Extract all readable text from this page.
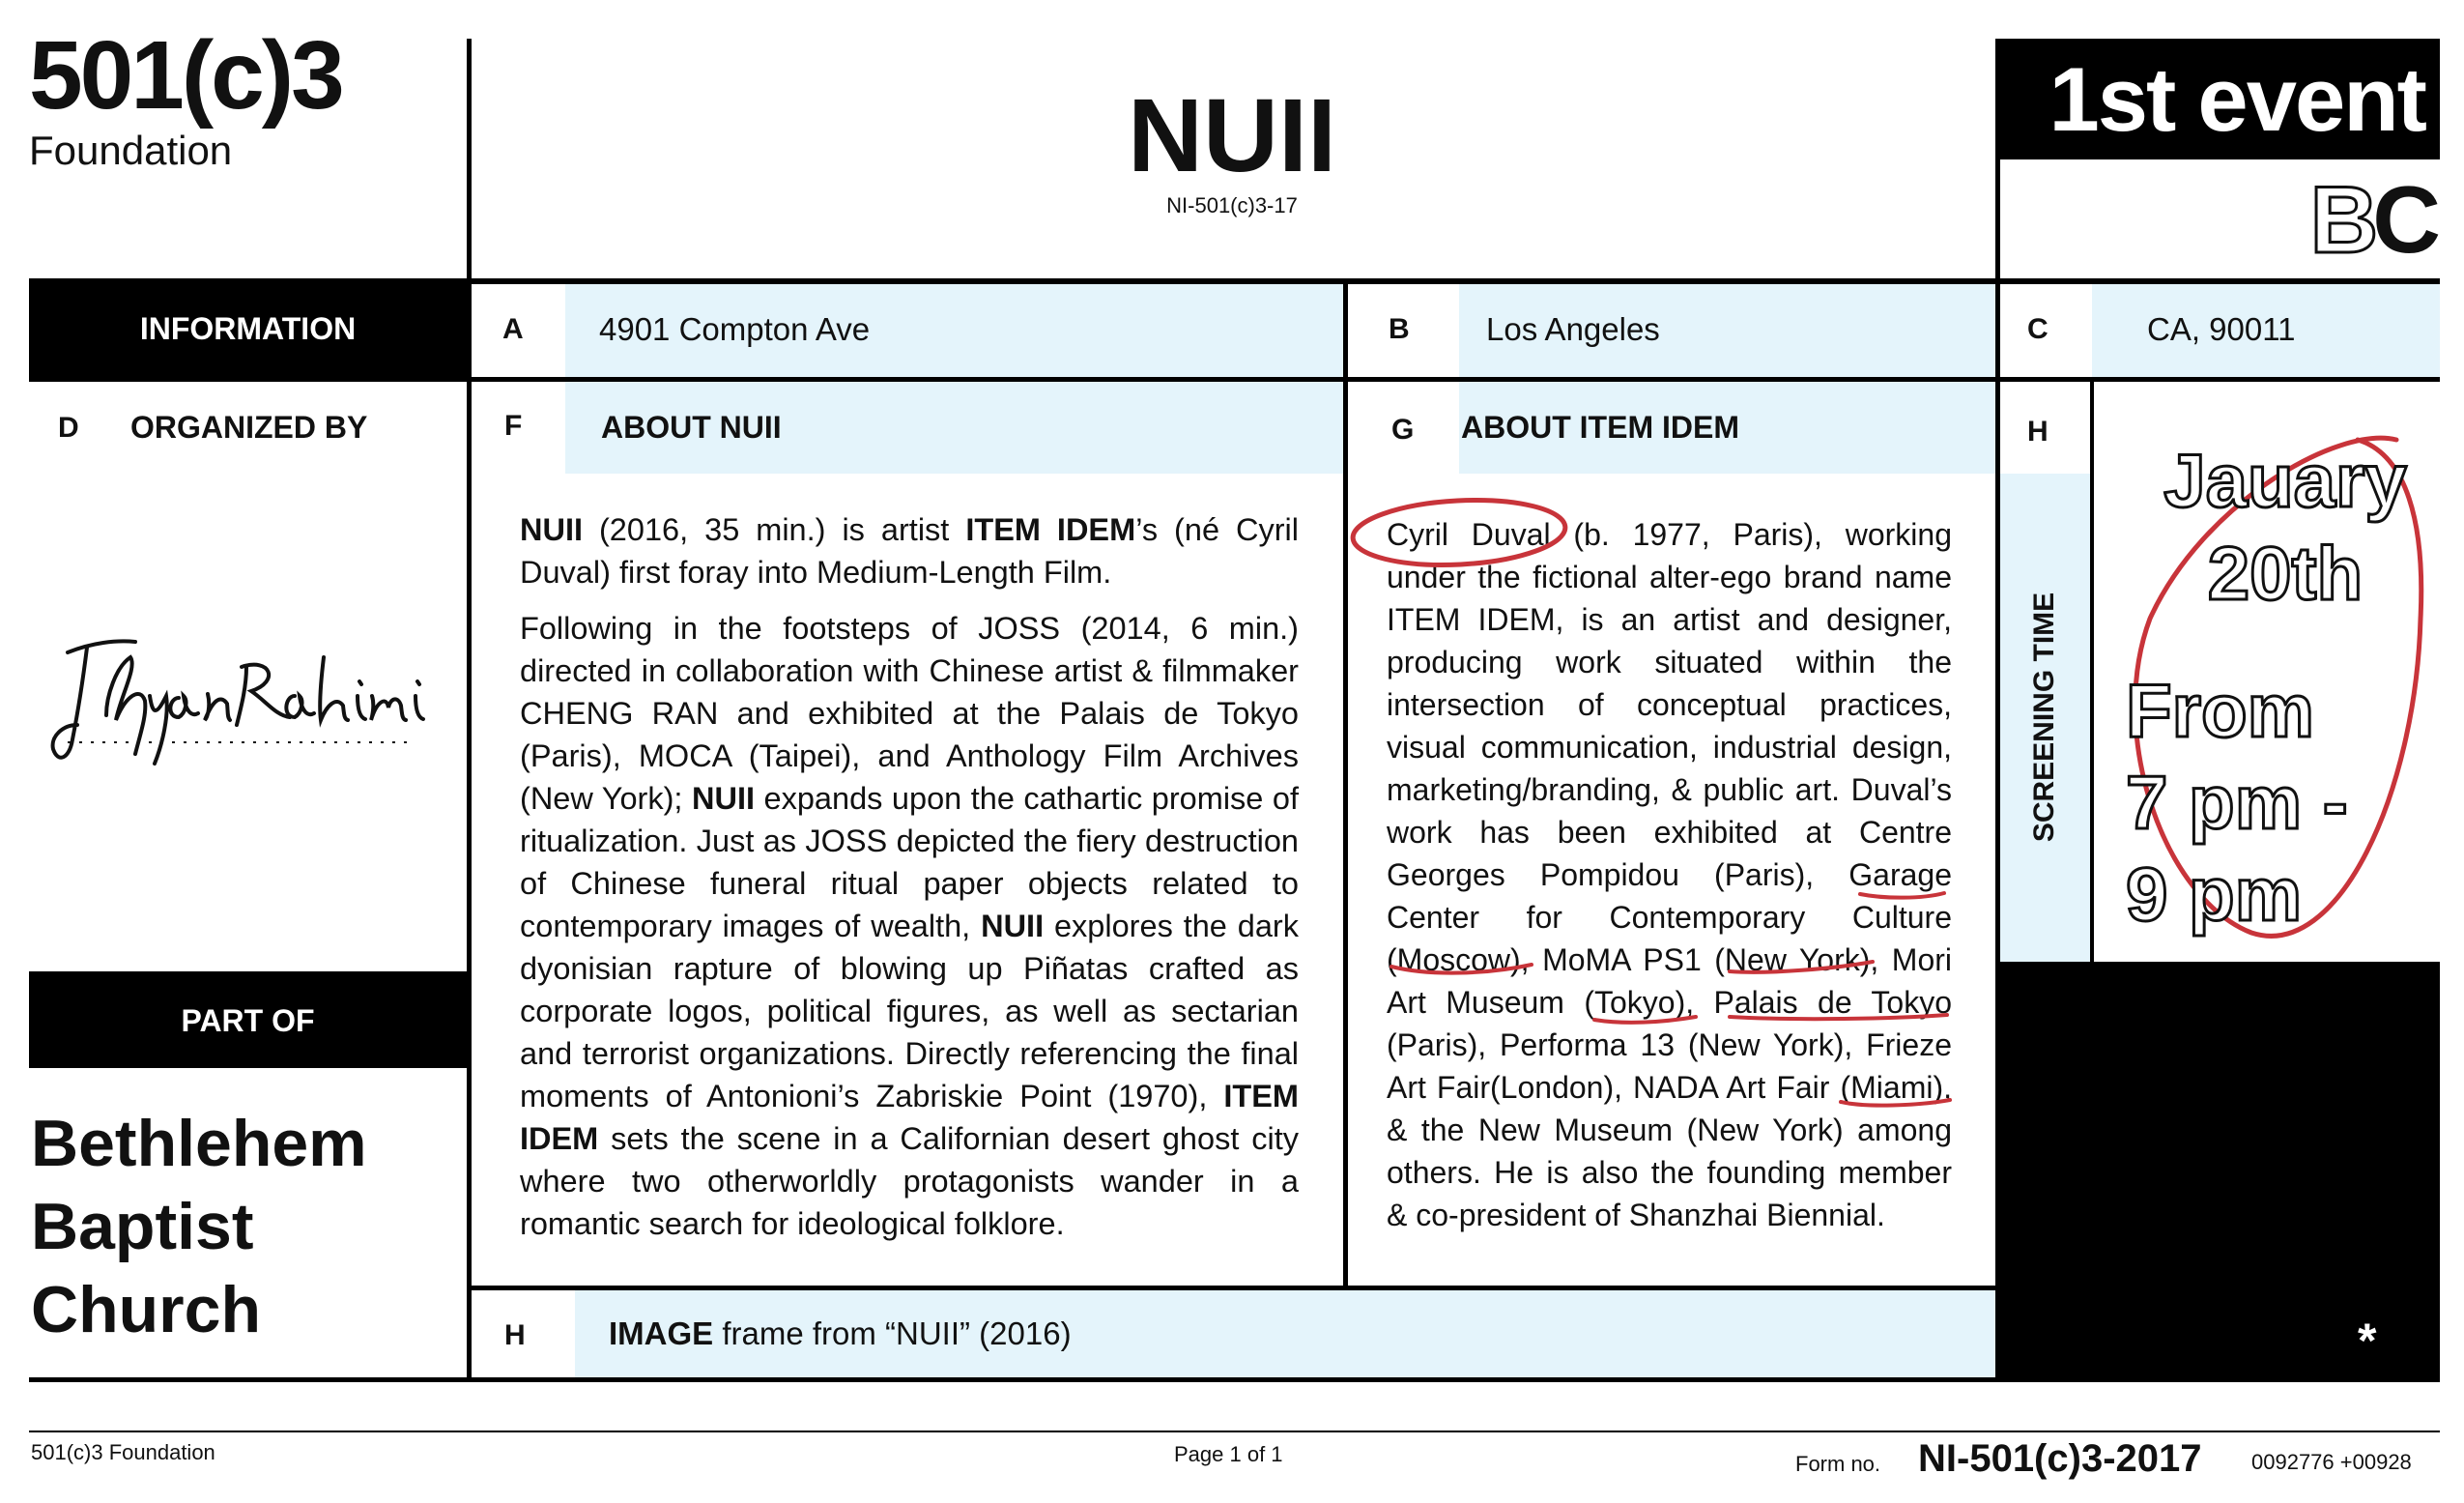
501(c)3
Foundation	NUII
NI-501(c)3-17
1st event
BC
INFORMATION	A 4901 Compton Ave	B Los Angeles	C	CA, 90011
D ORGANIZED BY
PART OF
Bethlehem
Baptist
Church
F	ABOUT NUII

NUII (2016, 35 min.) is artist ITEM IDEM’s (né Cyril Duval) first foray into Medium-Length Film.

Following in the footsteps of JOSS (2014, 6 min.) directed in collaboration with Chinese artist & filmmaker CHENG RAN and exhibited at the Palais de Tokyo (Paris), MOCA (Taipei), and Anthology Film Archives (New York); NUII expands upon the cathartic promise of ritualization. Just as JOSS depicted the fiery destruction of Chinese funeral ritual paper objects related to contemporary images of wealth, NUII explores the dark dyonisian rapture of blowing up Piñatas crafted as corporate logos, political figures, as well as sectarian and terrorist organizations. Directly referencing the final moments of Antonioni’s Zabriskie Point (1970), ITEM IDEM sets the scene in a Californian desert ghost city where two otherworldly protagonists wander in a romantic search for ideological folklore.

G ABOUT ITEM IDEM
Cyril Duval (b. 1977, Paris), working under the fictional alter-ego brand name ITEM IDEM, is an artist and designer, producing work situated within the intersection of conceptual practices, visual communication, industrial design, marketing/branding, & public art. Duval’s work has been exhibited at Centre Georges Pompidou (Paris), Garage Center for Contemporary Culture (Moscow), MoMA PS1 (New York), Mori Art Museum (Tokyo), Palais de Tokyo (Paris), Performa 13 (New York), Frieze Art Fair(London), NADA Art Fair (Miami), & the New Museum (New York) among others. He is also the founding member & co-president of Shanzhai Biennial.
H
SCREENING TIME
Jauary
20th
From
7 pm -
9 pm
*
H	IMAGE frame from “NUII” (2016)
501(c)3 Foundation	Page 1 of 1	Form no. NI-501(c)3-2017 0092776 +00928
